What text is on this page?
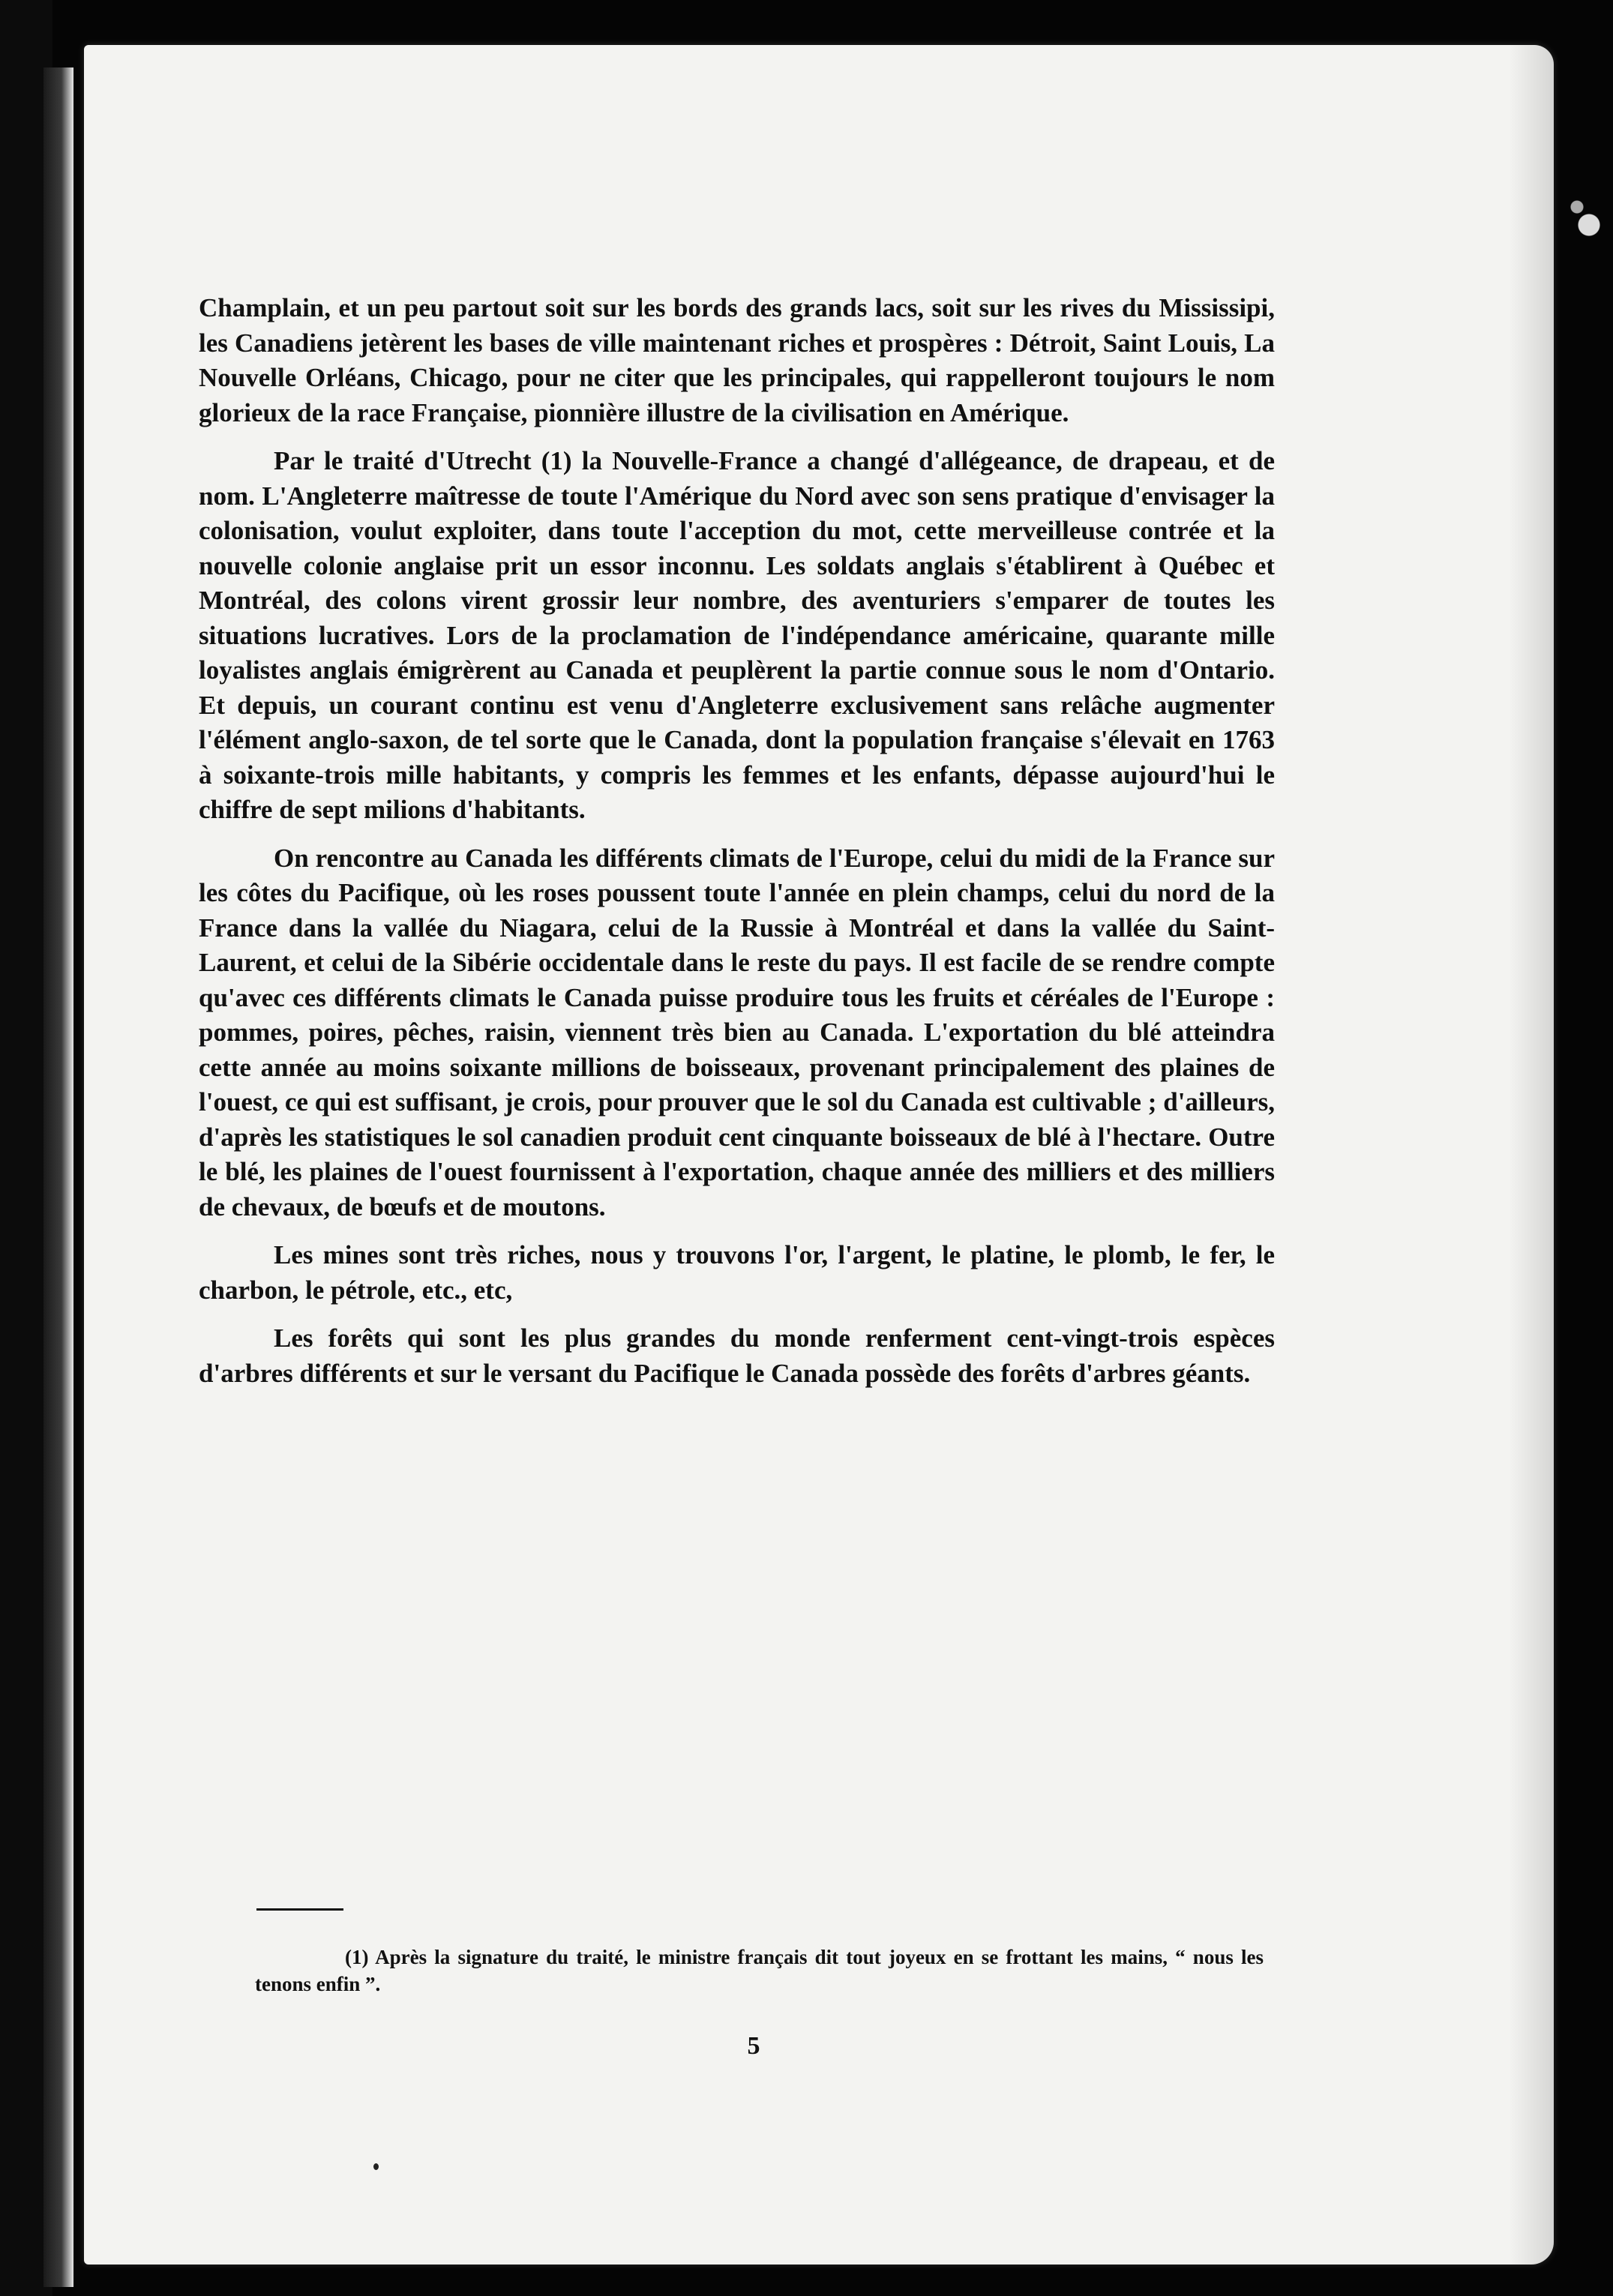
Champlain, et un peu partout soit sur les bords des grands lacs, soit sur les rives du Mississipi, les Canadiens jetèrent les bases de ville maintenant riches et prospères : Détroit, Saint Louis, La Nouvelle Orléans, Chicago, pour ne citer que les principales, qui rappelleront toujours le nom glorieux de la race Française, pionnière illustre de la civilisation en Amérique.

Par le traité d'Utrecht (1) la Nouvelle-France a changé d'allégeance, de drapeau, et de nom. L'Angleterre maîtresse de toute l'Amérique du Nord avec son sens pratique d'envisager la colonisation, voulut exploiter, dans toute l'acception du mot, cette merveilleuse contrée et la nouvelle colonie anglaise prit un essor inconnu. Les soldats anglais s'établirent à Québec et Montréal, des colons virent grossir leur nombre, des aventuriers s'emparer de toutes les situations lucratives. Lors de la proclamation de l'indépendance américaine, quarante mille loyalistes anglais émigrèrent au Canada et peuplèrent la partie connue sous le nom d'Ontario. Et depuis, un courant continu est venu d'Angleterre exclusivement sans relâche augmenter l'élément anglo-saxon, de tel sorte que le Canada, dont la population française s'élevait en 1763 à soixante-trois mille habitants, y compris les femmes et les enfants, dépasse aujourd'hui le chiffre de sept milions d'habitants.

On rencontre au Canada les différents climats de l'Europe, celui du midi de la France sur les côtes du Pacifique, où les roses poussent toute l'année en plein champs, celui du nord de la France dans la vallée du Niagara, celui de la Russie à Montréal et dans la vallée du Saint-Laurent, et celui de la Sibérie occidentale dans le reste du pays. Il est facile de se rendre compte qu'avec ces différents climats le Canada puisse produire tous les fruits et céréales de l'Europe : pommes, poires, pêches, raisin, viennent très bien au Canada. L'exportation du blé atteindra cette année au moins soixante millions de boisseaux, provenant principalement des plaines de l'ouest, ce qui est suffisant, je crois, pour prouver que le sol du Canada est cultivable ; d'ailleurs, d'après les statistiques le sol canadien produit cent cinquante boisseaux de blé à l'hectare. Outre le blé, les plaines de l'ouest fournissent à l'exportation, chaque année des milliers et des milliers de chevaux, de bœufs et de moutons.

Les mines sont très riches, nous y trouvons l'or, l'argent, le platine, le plomb, le fer, le charbon, le pétrole, etc., etc,

Les forêts qui sont les plus grandes du monde renferment cent-vingt-trois espèces d'arbres différents et sur le versant du Pacifique le Canada possède des forêts d'arbres géants.

(1) Après la signature du traité, le ministre français dit tout joyeux en se frottant les mains, “ nous les tenons enfin ”.
5
